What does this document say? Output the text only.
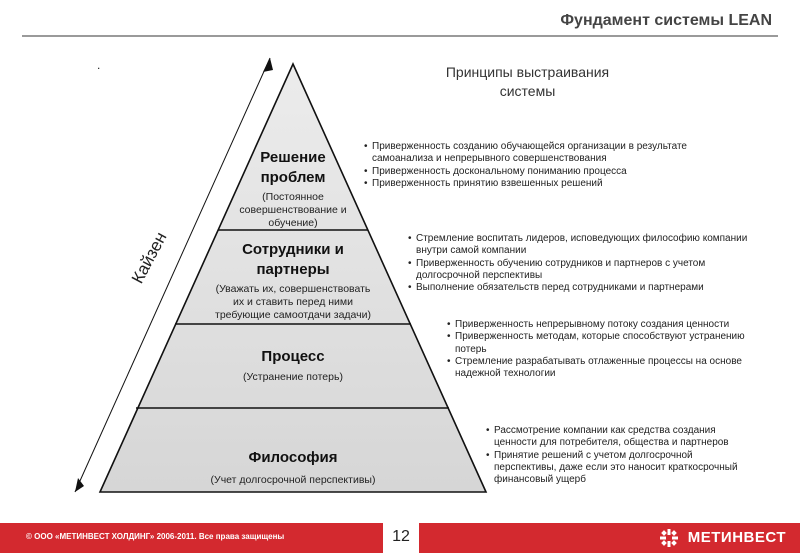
Фундамент системы LEAN
.	Принципы выстраивания
системы
Кайзен
Решение
проблем
(Постоянное
совершенствование и
обучение)
Сотрудники и
партнеры
(Уважать их, совершенствовать
их и ставить перед ними
требующие самоотдачи задачи)
Процесс
(Устранение потерь)
Философия
(Учет долгосрочной перспективы)
• Приверженность созданию обучающейся организации в результате самоанализа и непрерывного совершенствования
• Приверженность доскональному пониманию процесса
• Приверженность принятию взвешенных решений
• Стремление воспитать лидеров, исповедующих философию компании внутри самой компании
• Приверженность обучению сотрудников и партнеров с учетом долгосрочной перспективы
• Выполнение обязательств перед сотрудниками и партнерами
• Приверженность непрерывному потоку создания ценности
• Приверженность методам, которые способствуют устранению потерь
• Стремление разрабатывать отлаженные процессы на основе надежной технологии
• Рассмотрение компании как средства создания ценности для потребителя, общества и партнеров
• Принятие решений с учетом долгосрочной перспективы, даже если это наносит краткосрочный финансовый ущерб
© ООО «МЕТИНВЕСТ ХОЛДИНГ» 2006-2011. Все права защищены	12	МЕТИНВЕСТ
